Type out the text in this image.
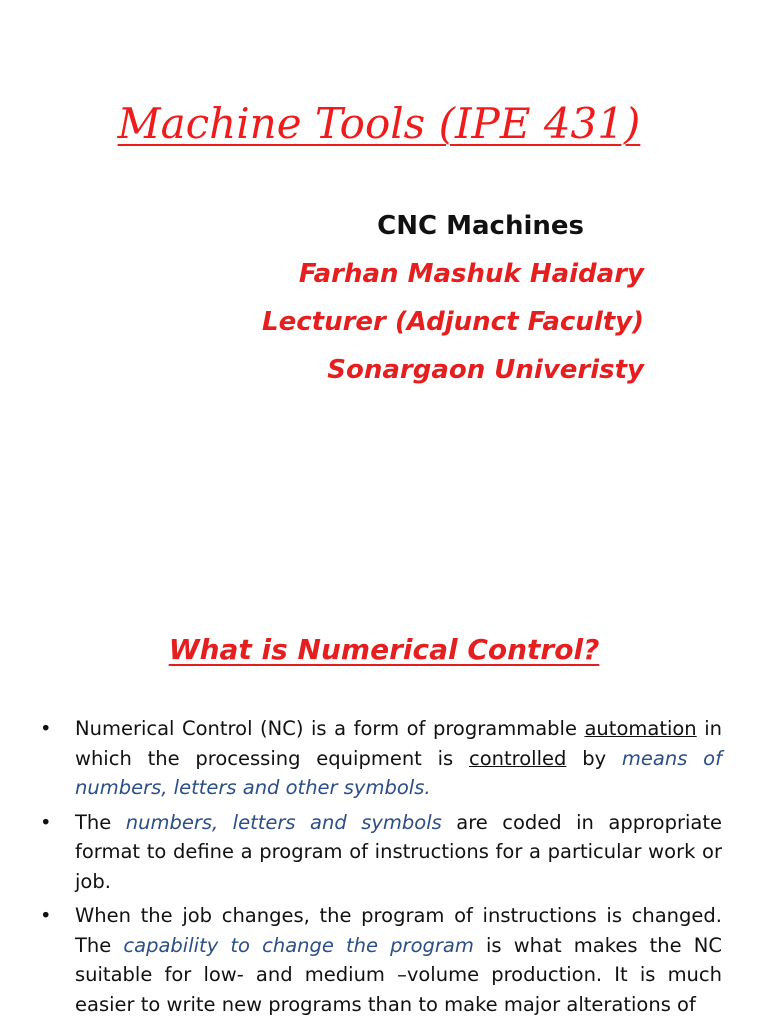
Machine Tools (IPE 431)
CNC Machines
Farhan Mashuk Haidary
Lecturer (Adjunct Faculty)
Sonargaon Univeristy
What is Numerical Control?
•	Numerical Control (NC) is a form of programmable automation in which the processing equipment is controlled by means of numbers, letters and other symbols.
•	The numbers, letters and symbols are coded in appropriate format to define a program of instructions for a particular work or job.
•	When the job changes, the program of instructions is changed. The capability to change the program is what makes the NC suitable for low- and medium –volume production. It is much easier to write new programs than to make major alterations of
